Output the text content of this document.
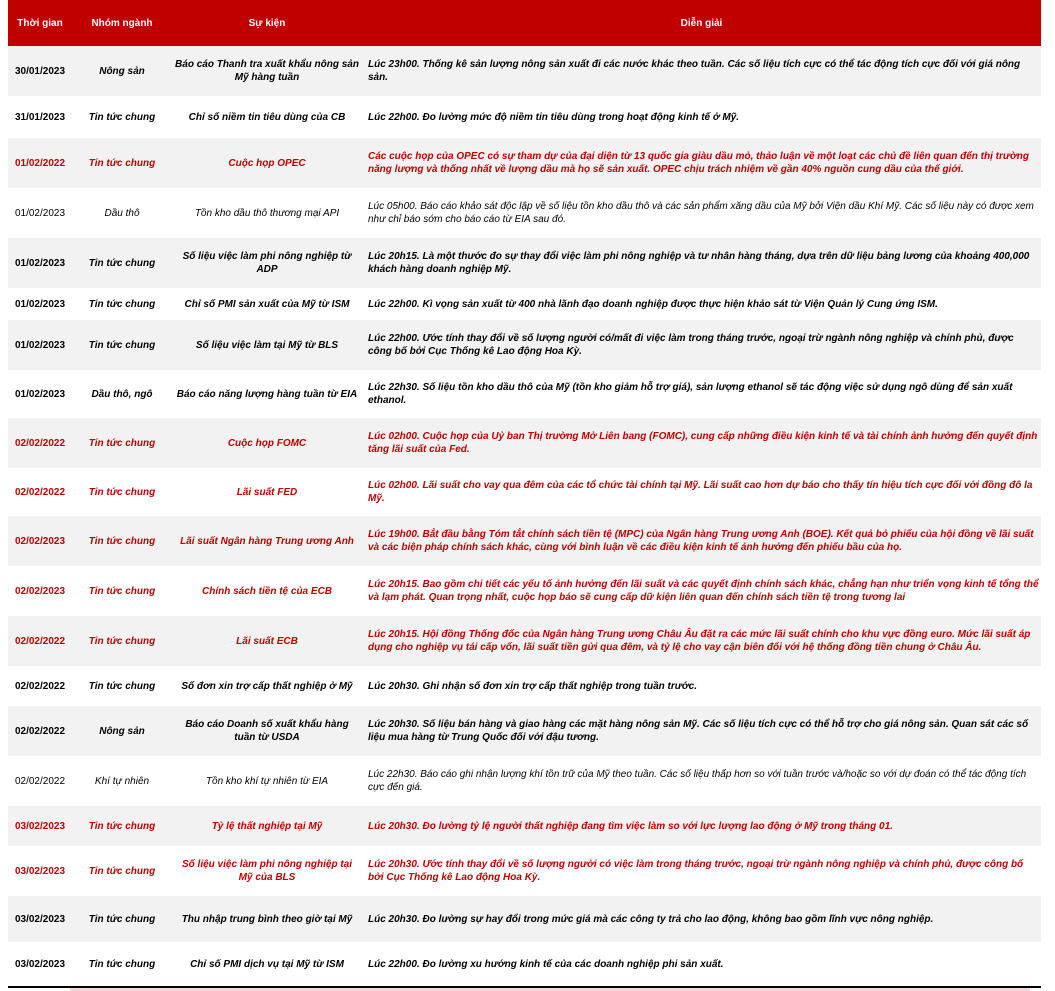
Thời gian	Nhóm ngành	Sự kiện	Diễn giải
30/01/2023	Nông sản	Báo cáo Thanh tra xuất khẩu nông sản Mỹ hàng tuần	Lúc 23h00. Thống kê sản lượng nông sản xuất đi các nước khác theo tuần. Các số liệu tích cực có thể tác động tích cực đối với giá nông sản.
31/01/2023	Tin tức chung	Chỉ số niềm tin tiêu dùng của CB	Lúc 22h00. Đo lường mức độ niềm tin tiêu dùng trong hoạt động kinh tế ở Mỹ.
01/02/2022	Tin tức chung	Cuộc họp OPEC	Các cuộc họp của OPEC có sự tham dự của đại diện từ 13 quốc gia giàu dầu mỏ, thảo luận về một loạt các chủ đề liên quan đến thị trường năng lượng và thống nhất về lượng dầu mà họ sẽ sản xuất. OPEC chịu trách nhiệm về gần 40% nguồn cung dầu của thế giới.
01/02/2023	Dầu thô	Tồn kho dầu thô thương mại API	Lúc 05h00. Báo cáo khảo sát độc lập về số liệu tồn kho dầu thô và các sản phẩm xăng dầu của Mỹ bởi Viện dầu Khí Mỹ. Các số liệu này có được xem như chỉ báo sớm cho báo cáo từ EIA sau đó.
01/02/2023	Tin tức chung	Số liệu việc làm phi nông nghiệp từ ADP	Lúc 20h15. Là một thước đo sự thay đổi việc làm phi nông nghiệp và tư nhân hàng tháng, dựa trên dữ liệu bảng lương của khoảng 400,000 khách hàng doanh nghiệp Mỹ.
01/02/2023	Tin tức chung	Chỉ số PMI sản xuất của Mỹ từ ISM	Lúc 22h00. Kì vọng sản xuất từ 400 nhà lãnh đạo doanh nghiệp được thực hiện khảo sát từ Viện Quản lý Cung ứng ISM.
01/02/2023	Tin tức chung	Số liệu việc làm tại Mỹ từ BLS	Lúc 22h00. Ước tính thay đổi về số lượng người có/mất đi việc làm trong tháng trước, ngoại trừ ngành nông nghiệp và chính phủ, được công bố bởi Cục Thống kê Lao động Hoa Kỳ.
01/02/2023	Dầu thô, ngô	Báo cáo năng lượng hàng tuần từ EIA	Lúc 22h30. Số liệu tồn kho dầu thô của Mỹ (tồn kho giảm hỗ trợ giá), sản lượng ethanol sẽ tác động việc sử dụng ngô dùng để sản xuất ethanol.
02/02/2022	Tin tức chung	Cuộc họp FOMC	Lúc 02h00. Cuộc họp của Uỷ ban Thị trường Mở Liên bang (FOMC), cung cấp những điều kiện kinh tế và tài chính ảnh hưởng đến quyết định tăng lãi suất của Fed.
02/02/2022	Tin tức chung	Lãi suất FED	Lúc 02h00. Lãi suất cho vay qua đêm của các tổ chức tài chính tại Mỹ. Lãi suất cao hơn dự báo cho thấy tín hiệu tích cực đối với đồng đô la Mỹ.
02/02/2023	Tin tức chung	Lãi suất Ngân hàng Trung ương Anh	Lúc 19h00. Bắt đầu bằng Tóm tắt chính sách tiền tệ (MPC) của Ngân hàng Trung ương Anh (BOE). Kết quả bỏ phiếu của hội đồng về lãi suất và các biện pháp chính sách khác, cùng với bình luận về các điều kiện kinh tế ảnh hưởng đến phiếu bầu của họ.
02/02/2023	Tin tức chung	Chính sách tiền tệ của ECB	Lúc 20h15. Bao gồm chi tiết các yếu tố ảnh hưởng đến lãi suất và các quyết định chính sách khác, chẳng hạn như triển vọng kinh tế tổng thể và lạm phát. Quan trọng nhất, cuộc họp báo sẽ cung cấp dữ kiện liên quan đến chính sách tiền tệ trong tương lai
02/02/2022	Tin tức chung	Lãi suất ECB	Lúc 20h15. Hội đồng Thống đốc của Ngân hàng Trung ương Châu Âu đặt ra các mức lãi suất chính cho khu vực đồng euro. Mức lãi suất áp dụng cho nghiệp vụ tái cấp vốn, lãi suất tiền gửi qua đêm, và tỷ lệ cho vay cận biên đối với hệ thống đồng tiền chung ở Châu Âu.
02/02/2022	Tin tức chung	Số đơn xin trợ cấp thất nghiệp ở Mỹ	Lúc 20h30. Ghi nhận số đơn xin trợ cấp thất nghiệp trong tuần trước.
02/02/2022	Nông sản	Báo cáo Doanh số xuất khẩu hàng tuần từ USDA	Lúc 20h30. Số liệu bán hàng và giao hàng các mặt hàng nông sản Mỹ. Các số liệu tích cực có thể hỗ trợ cho giá nông sản. Quan sát các số liệu mua hàng từ Trung Quốc đối với đậu tương.
02/02/2022	Khí tự nhiên	Tồn kho khí tự nhiên từ EIA	Lúc 22h30. Báo cáo ghi nhận lượng khí tồn trữ của Mỹ theo tuần. Các số liệu thấp hơn so với tuần trước và/hoặc so với dự đoán có thể tác động tích cực đến giá.
03/02/2023	Tin tức chung	Tỷ lệ thất nghiệp tại Mỹ	Lúc 20h30. Đo lường tỷ lệ người thất nghiệp đang tìm việc làm so với lực lượng lao động ở Mỹ trong tháng 01.
03/02/2023	Tin tức chung	Số liệu việc làm phi nông nghiệp tại Mỹ của BLS	Lúc 20h30. Ước tính thay đổi về số lượng người có việc làm trong tháng trước, ngoại trừ ngành nông nghiệp và chính phủ, được công bố bởi Cục Thống kê Lao động Hoa Kỳ.
03/02/2023	Tin tức chung	Thu nhập trung bình theo giờ tại Mỹ	Lúc 20h30. Đo lường sự hay đổi trong mức giá mà các công ty trả cho lao động, không bao gồm lĩnh vực nông nghiệp.
03/02/2023	Tin tức chung	Chỉ số PMI dịch vụ tại Mỹ từ ISM	Lúc 22h00. Đo lường xu hướng kinh tế của các doanh nghiệp phi sản xuất.
